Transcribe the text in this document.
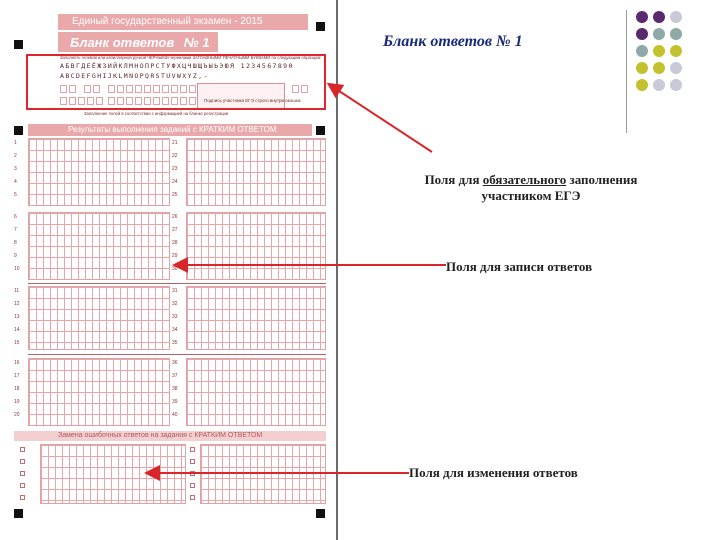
Единый государственный экзамен - 2015
Бланк ответов № 1
Заполнять гелевой или капиллярной ручкой ЧЕРНЫМИ чернилами ЗАГЛАВНЫМИ ПЕЧАТНЫМИ БУКВАМИ по следующим образцам:
АБВГДЕЁЖЗИЙКЛМНОПРСТУФХЦЧШЩЪЫЬЭЮЯ 1234567890
ABCDEFGHIJKLMNOPQRSTUVWXYZ,-
Подпись участника ЕГЭ строго внутри окошка
Заполнение полей в соответствии с информацией на бланке регистрации
Результаты выполнения заданий с КРАТКИМ ОТВЕТОМ
1
2
3
4
5
6
7
8
9
10
11
12
13
14
15
16
17
18
19
20
21
22
23
24
25
26
27
28
29
30
31
32
33
34
35
36
37
38
39
40
Замена ошибочных ответов на задания с КРАТКИМ ОТВЕТОМ
Бланк ответов № 1
Поля для обязательного заполнения
участником ЕГЭ
Поля для записи ответов
Поля для изменения ответов
